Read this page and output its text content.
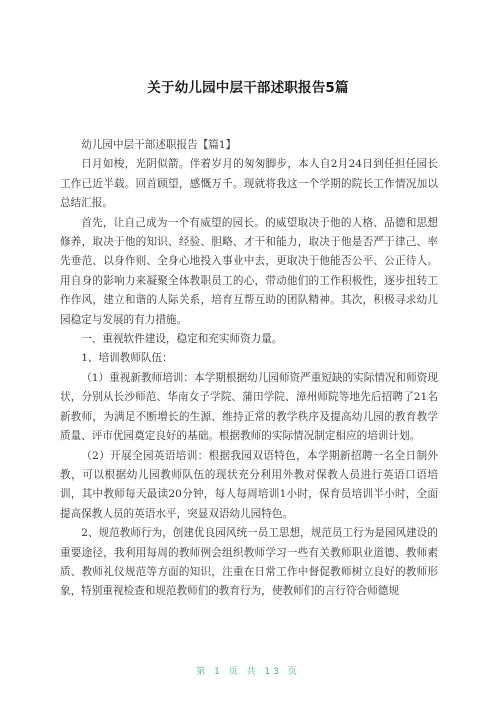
关于幼儿园中层干部述职报告5篇

幼儿园中层干部述职报告【篇1】

日月如梭，光阴似箭。伴着岁月的匆匆脚步，本人自2月24日到任担任园长工作已近半载。回首顾望，感慨万千。现就将我这一个学期的院长工作情况加以总结汇报。

首先，让自己成为一个有威望的园长。的威望取决于他的人格、品德和思想修养，取决于他的知识、经验、胆略、才干和能力，取决于他是否严于律己、率先垂范、以身作则、全身心地投入事业中去，更取决于他能否公平、公正待人。用自身的影响力来凝聚全体教职员工的心，带动他们的工作积极性，逐步扭转工作作风，建立和谐的人际关系，培育互帮互助的团队精神。其次，积极寻求幼儿园稳定与发展的有力措施。

一、重视软件建设，稳定和充实师资力量。

1、培训教师队伍：

（1）重视新教师培训：本学期根据幼儿园师资严重短缺的实际情况和师资现状，分别从长沙师范、华南女子学院、蒲田学院、漳州师院等地先后招聘了21名新教师，为满足不断增长的生源、维持正常的教学秩序及提高幼儿园的教育教学质量、评市优园奠定良好的基础。根据教师的实际情况制定相应的培训计划。

（2）开展全园英语培训：根据我园双语特色，本学期新招聘一名全日制外教，可以根据幼儿园教师队伍的现状充分利用外教对保教人员进行英语口语培训，其中教师每天最读20分钟，每人每周培训1小时，保育员培训半小时，全面提高保教人员的英语水平，突显双语幼儿园特色。

2、规范教师行为，创建优良园风统一员工思想，规范员工行为是园风建设的重要途径，我利用每周的教师例会组织教师学习一些有关教师职业道德、教师素质、教师礼仪规范等方面的知识，注重在日常工作中督促教师树立良好的教师形象，特别重视检查和规范教师们的教育行为，使教师们的言行符合师德规

第 1 页 共 13 页
